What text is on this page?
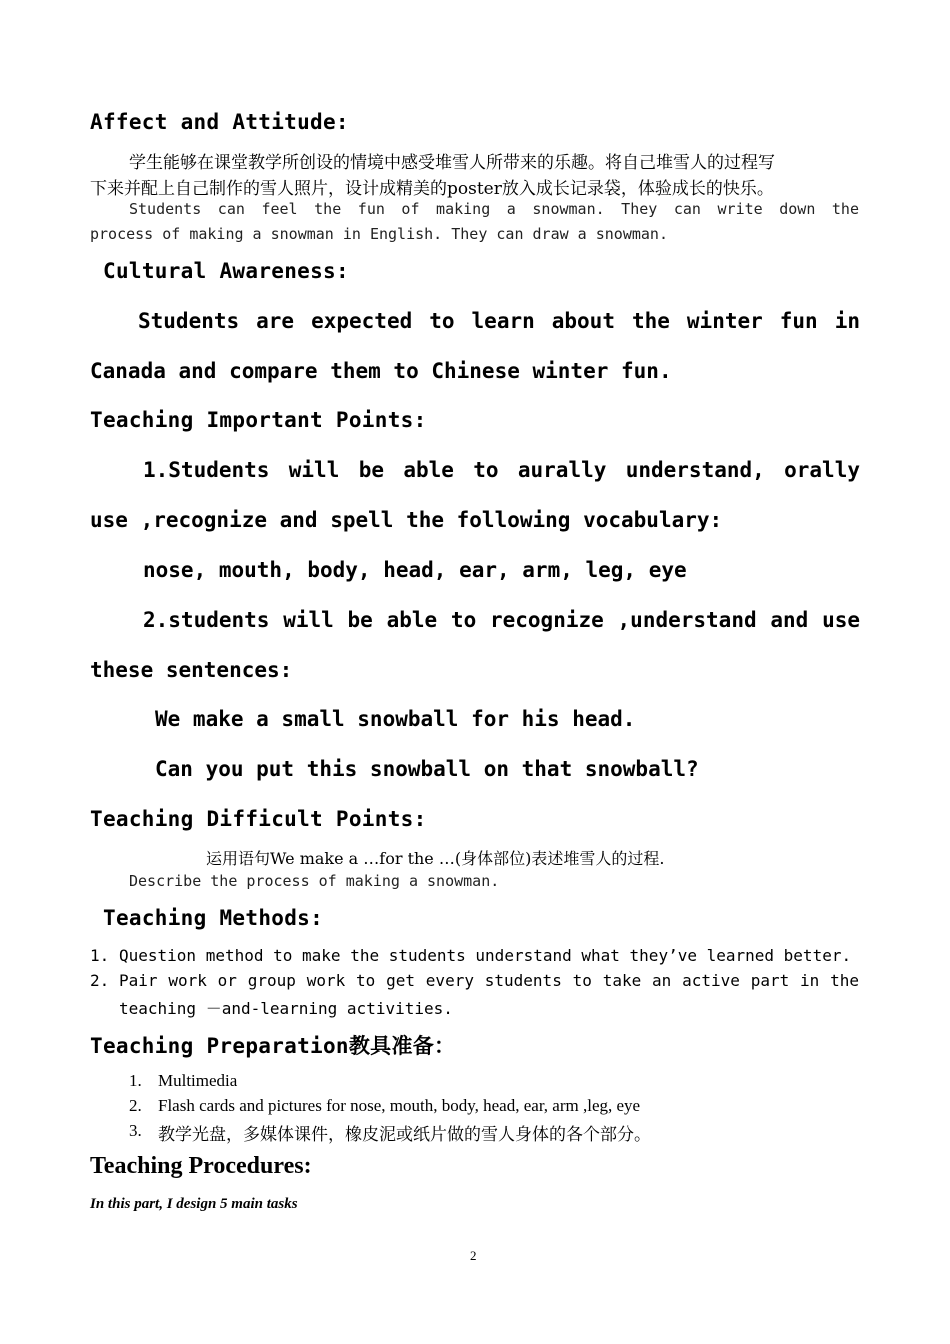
Affect and Attitude:
学生能够在课堂教学所创设的情境中感受堆雪人所带来的乐趣。将自己堆雪人的过程写
下来并配上自己制作的雪人照片，设计成精美的poster放入成长记录袋，体验成长的快乐。
Students can feel the fun of making a snowman. They can write down the
process of making a snowman in English. They can draw a snowman.
Cultural Awareness:
Students are expected to learn about the winter fun in
Canada and compare them to Chinese winter fun.
Teaching Important Points:
1.Students will be able to aurally understand, orally
use ,recognize and spell the following vocabulary:
nose, mouth, body, head, ear, arm, leg, eye
2.students will be able to recognize ,understand and use
these sentences:
We make a small snowball for his head.
Can you put this snowball on that snowball?
Teaching Difficult Points:
运用语句We make a …for the …(身体部位)表述堆雪人的过程.
Describe the process of making a snowman.
Teaching Methods:
1. Question method to make the students understand what they’ve learned better.
2. Pair work or group work to get every students to take an active part in the
teaching －and-learning activities.
Teaching Preparation教具准备：
1. Multimedia
2. Flash cards and pictures for nose, mouth, body, head, ear, arm ,leg, eye
3. 教学光盘，多媒体课件，橡皮泥或纸片做的雪人身体的各个部分。
Teaching Procedures:
In this part, I design 5 main tasks
2
